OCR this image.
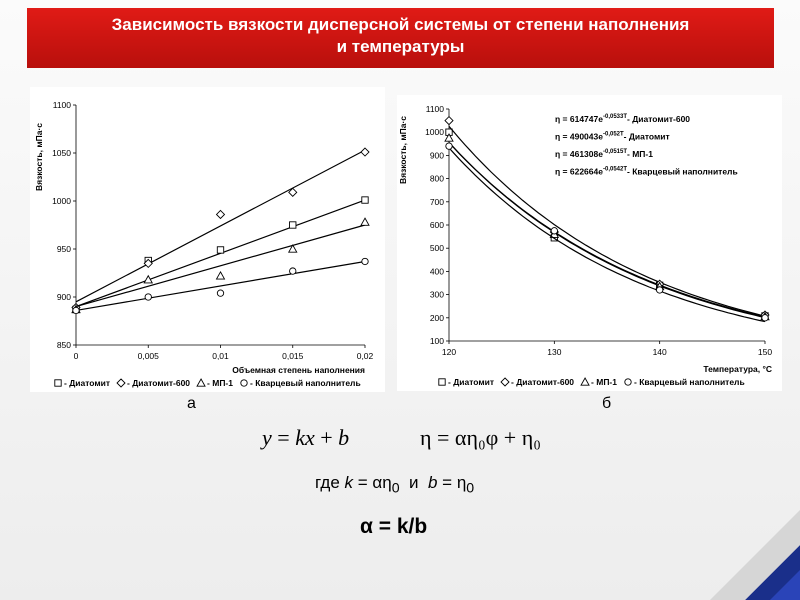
Зависимость вязкости дисперсной системы от степени наполнения
и температуры
850
900
950
1000
1050
1100
0	0,005	0,01	0,015	0,02
Вязкость, мПа·с
Объемная степень наполнения
- Диатомит - Диатомит-600 - МП-1 - Кварцевый наполнитель
100
200
300
400
500
600
700
800
900
1000
1100
120	130	140	150
Вязкость, мПа·с
Температура, °С
- Диатомит - Диатомит-600 - МП-1 - Кварцевый наполнитель
η = 614747e -0,0533T - Диатомит-600
η = 490043e -0,052T - Диатомит
η = 461308e -0,0515T - МП-1
η = 622664e -0,0542T - Кварцевый наполнитель
а	б
y = kx + b	η = αη₀φ + η₀
где $k = \alpha\eta_0$  и  $b = \eta_0$
α = k/b
